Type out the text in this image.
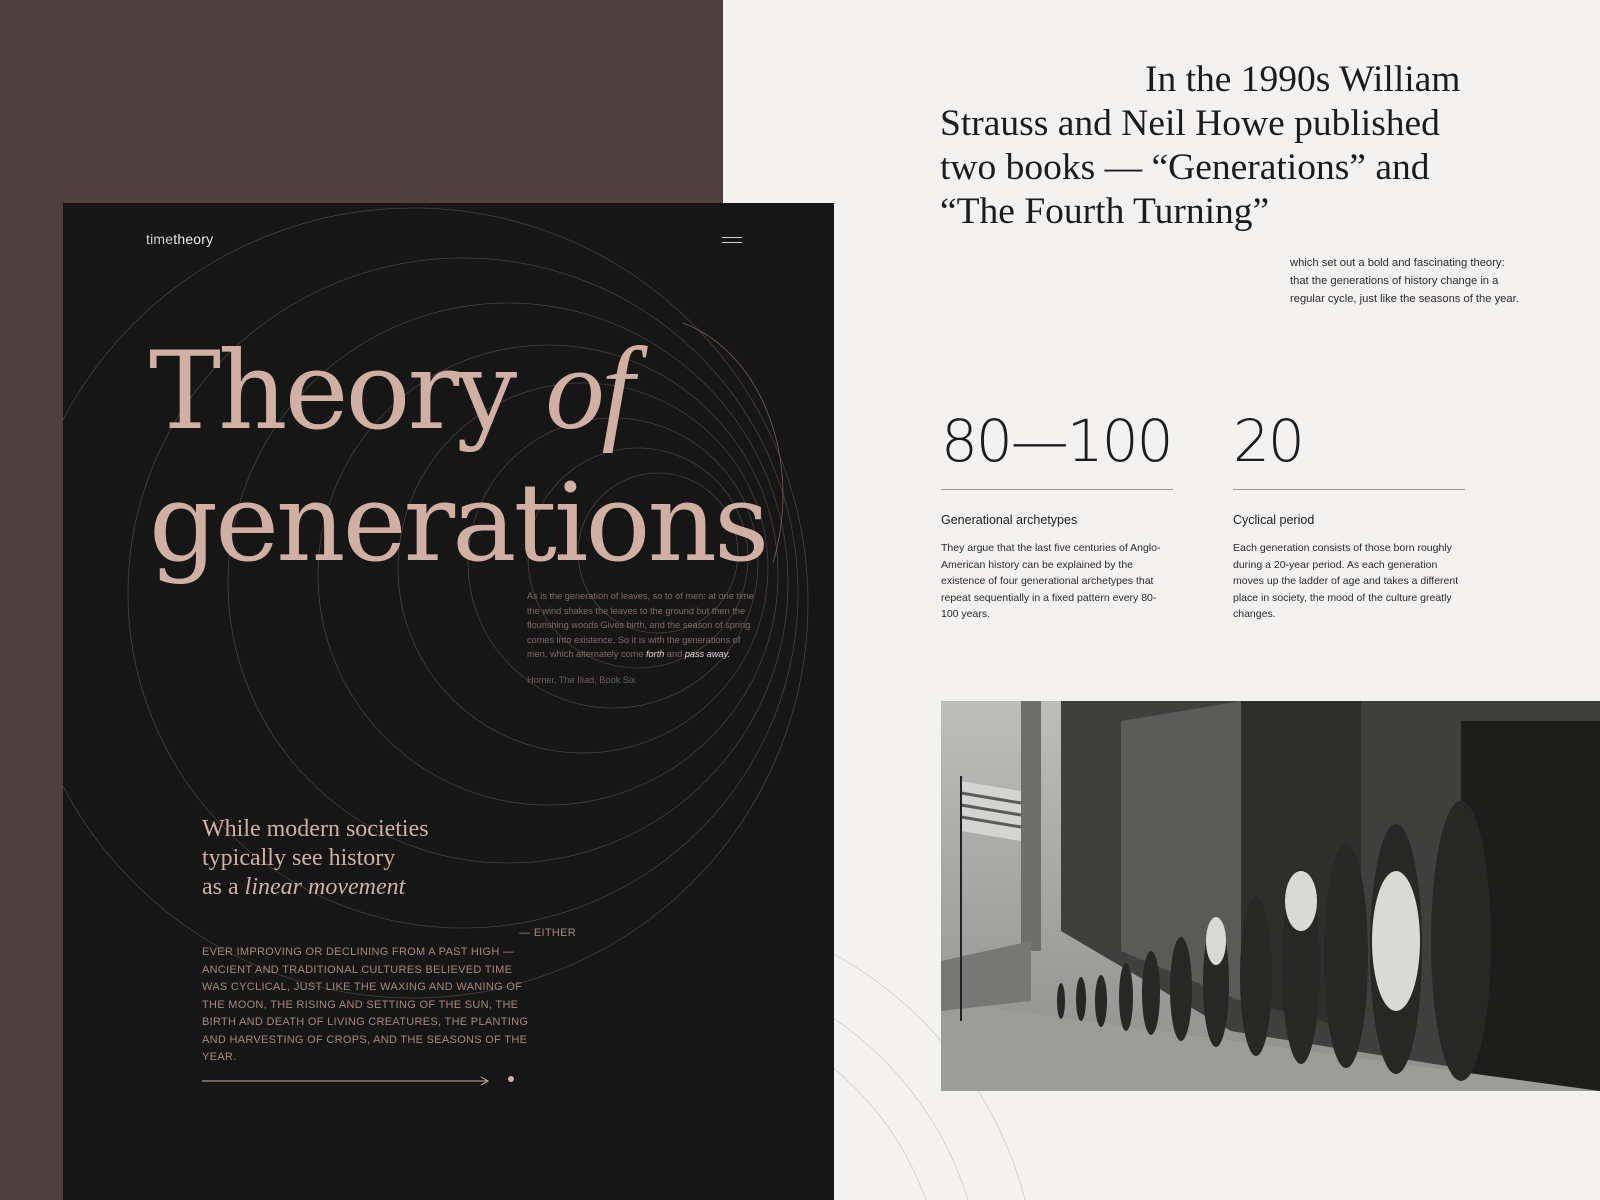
timetheory
Theory of
generations
As is the generation of leaves, so to of men: at one time the wind shakes the leaves to the ground but then the flourishing woods Gives birth, and the season of spring comes into existence. So it is with the generations of men, which alternately come forth and pass away.
Homer, The Iliad, Book Six
While modern societies
typically see history
as a linear movement
— EITHER
EVER IMPROVING OR DECLINING FROM A PAST HIGH — ANCIENT AND TRADITIONAL CULTURES BELIEVED TIME WAS CYCLICAL, JUST LIKE THE WAXING AND WANING OF THE MOON, THE RISING AND SETTING OF THE SUN, THE BIRTH AND DEATH OF LIVING CREATURES, THE PLANTING AND HARVESTING OF CROPS, AND THE SEASONS OF THE YEAR.
In the 1990s William
Strauss and Neil Howe published
two books — “Generations” and
“The Fourth Turning”
which set out a bold and fascinating theory: that the generations of history change in a regular cycle, just like the seasons of the year.
80—100
Generational archetypes
They argue that the last five centuries of Anglo-American history can be explained by the existence of four generational archetypes that repeat sequentially in a fixed pattern every 80-100 years.
20
Cyclical period
Each generation consists of those born roughly during a 20-year period. As each generation moves up the ladder of age and takes a different place in society, the mood of the culture greatly changes.
